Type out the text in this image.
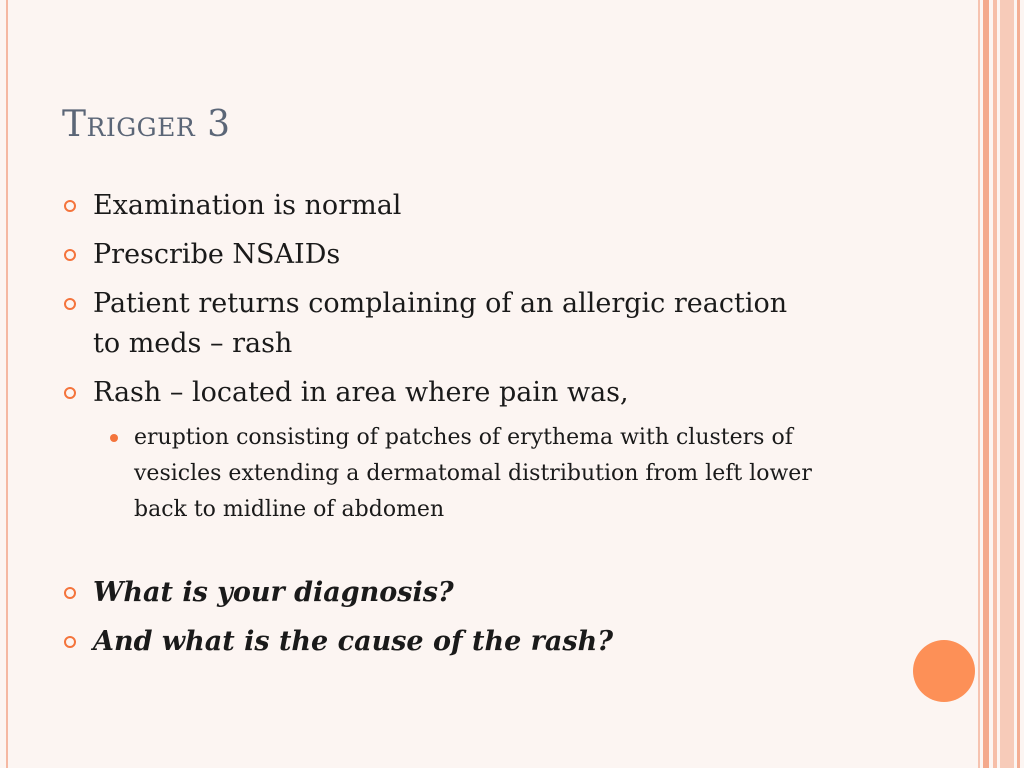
Trigger 3
Examination is normal
Prescribe NSAIDs
Patient returns complaining of an allergic reaction to meds – rash
Rash – located in area where pain was,
eruption consisting of patches of erythema with clusters of vesicles extending a dermatomal distribution from left lower back to midline of abdomen
What is your diagnosis?
And what is the cause of the rash?
